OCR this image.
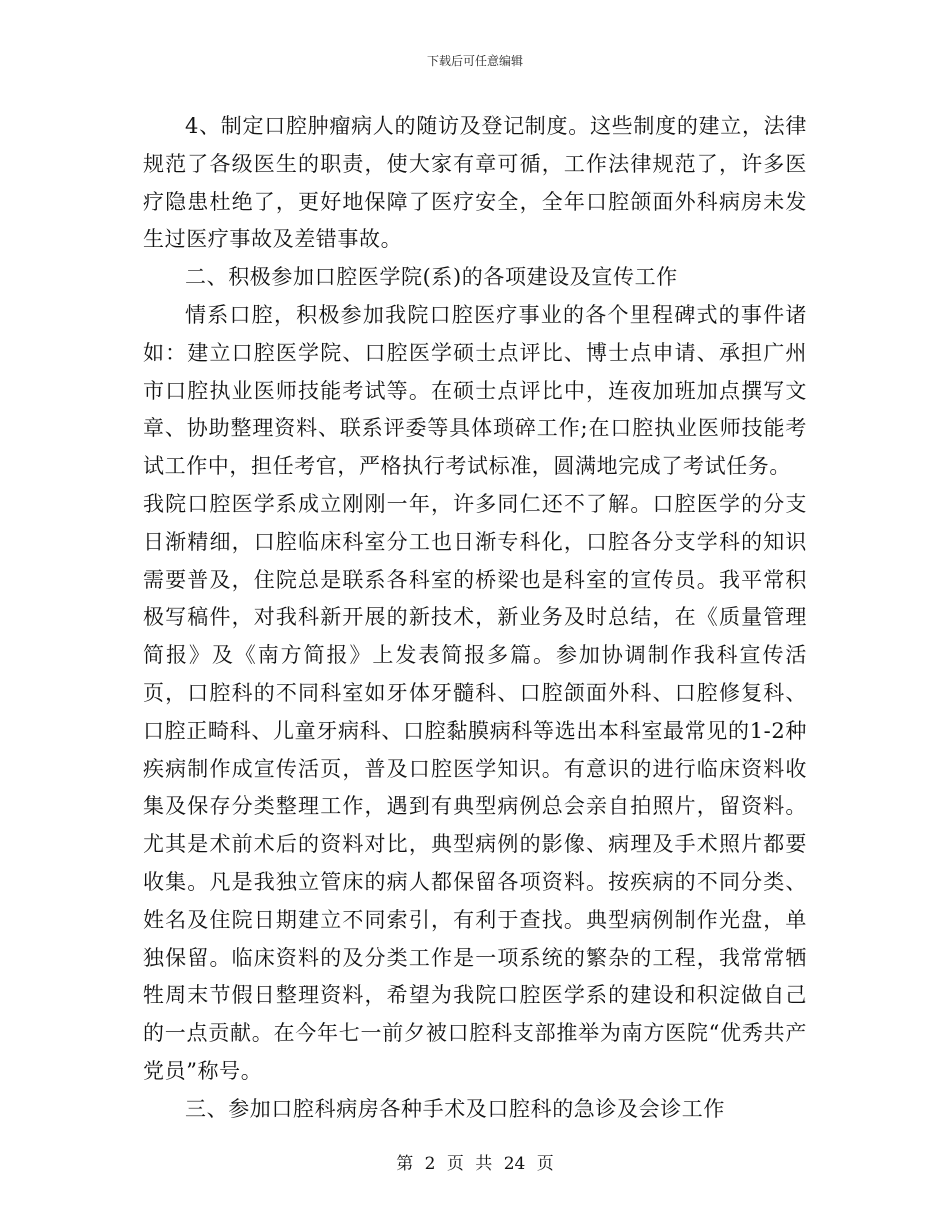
下载后可任意编辑

4、制定口腔肿瘤病人的随访及登记制度。这些制度的建立，法律规范了各级医生的职责，使大家有章可循，工作法律规范了，许多医疗隐患杜绝了，更好地保障了医疗安全，全年口腔颌面外科病房未发生过医疗事故及差错事故。

二、积极参加口腔医学院(系)的各项建设及宣传工作

情系口腔，积极参加我院口腔医疗事业的各个里程碑式的事件诸如：建立口腔医学院、口腔医学硕士点评比、博士点申请、承担广州市口腔执业医师技能考试等。在硕士点评比中，连夜加班加点撰写文章、协助整理资料、联系评委等具体琐碎工作;在口腔执业医师技能考试工作中，担任考官，严格执行考试标准，圆满地完成了考试任务。

我院口腔医学系成立刚刚一年，许多同仁还不了解。口腔医学的分支日渐精细，口腔临床科室分工也日渐专科化，口腔各分支学科的知识需要普及，住院总是联系各科室的桥梁也是科室的宣传员。我平常积极写稿件，对我科新开展的新技术，新业务及时总结，在《质量管理简报》及《南方简报》上发表简报多篇。参加协调制作我科宣传活页，口腔科的不同科室如牙体牙髓科、口腔颌面外科、口腔修复科、口腔正畸科、儿童牙病科、口腔黏膜病科等选出本科室最常见的1-2种疾病制作成宣传活页，普及口腔医学知识。有意识的进行临床资料收集及保存分类整理工作，遇到有典型病例总会亲自拍照片，留资料。尤其是术前术后的资料对比，典型病例的影像、病理及手术照片都要收集。凡是我独立管床的病人都保留各项资料。按疾病的不同分类、姓名及住院日期建立不同索引，有利于查找。典型病例制作光盘，单独保留。临床资料的及分类工作是一项系统的繁杂的工程，我常常牺牲周末节假日整理资料，希望为我院口腔医学系的建设和积淀做自己的一点贡献。在今年七一前夕被口腔科支部推举为南方医院“优秀共产党员”称号。

三、参加口腔科病房各种手术及口腔科的急诊及会诊工作

第 2 页 共 24 页
